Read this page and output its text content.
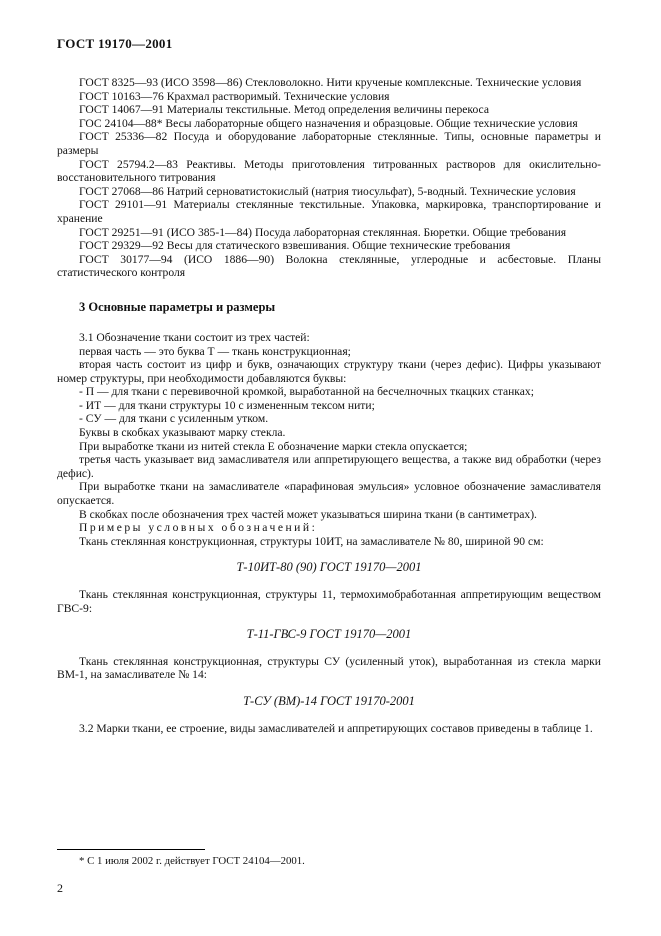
ГОСТ 19170—2001

ГОСТ 8325—93 (ИСО 3598—86) Стекловолокно. Нити крученые комплексные. Технические условия

ГОСТ 10163—76 Крахмал растворимый. Технические условия

ГОСТ 14067—91 Материалы текстильные. Метод определения величины перекоса

ГОС 24104—88* Весы лабораторные общего назначения и образцовые. Общие технические условия

ГОСТ 25336—82 Посуда и оборудование лабораторные стеклянные. Типы, основные параметры и размеры

ГОСТ 25794.2—83 Реактивы. Методы приготовления титрованных растворов для окислительно-восстановительного титрования

ГОСТ 27068—86 Натрий серноватистокислый (натрия тиосульфат), 5-водный. Технические условия

ГОСТ 29101—91 Материалы стеклянные текстильные. Упаковка, маркировка, транспортирование и хранение

ГОСТ 29251—91 (ИСО 385-1—84) Посуда лабораторная стеклянная. Бюретки. Общие требования

ГОСТ 29329—92 Весы для статического взвешивания. Общие технические требования

ГОСТ 30177—94 (ИСО 1886—90) Волокна стеклянные, углеродные и асбестовые. Планы статистического контроля

3 Основные параметры и размеры

3.1 Обозначение ткани состоит из трех частей:

первая часть — это буква Т — ткань конструкционная;

вторая часть состоит из цифр и букв, означающих структуру ткани (через дефис). Цифры указывают номер структуры, при необходимости добавляются буквы:

- П — для ткани с перевивочной кромкой, выработанной на бесчелночных ткацких станках;

- ИТ — для ткани структуры 10 с измененным тексом нити;

- СУ — для ткани с усиленным утком.

Буквы в скобках указывают марку стекла.

При выработке ткани из нитей стекла Е обозначение марки стекла опускается;

третья часть указывает вид замасливателя или аппретирующего вещества, а также вид обработки (через дефис).

При выработке ткани на замасливателе «парафиновая эмульсия» условное обозначение замасливателя опускается.

В скобках после обозначения трех частей может указываться ширина ткани (в сантиметрах).

Примеры условных обозначений:

Ткань стеклянная конструкционная, структуры 10ИТ, на замасливателе № 80, шириной 90 см:

Т-10ИТ-80 (90) ГОСТ 19170—2001

Ткань стеклянная конструкционная, структуры 11, термохимобработанная аппретирующим веществом ГВС-9:

Т-11-ГВС-9 ГОСТ 19170—2001

Ткань стеклянная конструкционная, структуры СУ (усиленный уток), выработанная из стекла марки ВМ-1, на замасливателе № 14:

Т-СУ (ВМ)-14 ГОСТ 19170-2001

3.2 Марки ткани, ее строение, виды замасливателей и аппретирующих составов приведены в таблице 1.

* С 1 июля 2002 г. действует ГОСТ 24104—2001.

2
